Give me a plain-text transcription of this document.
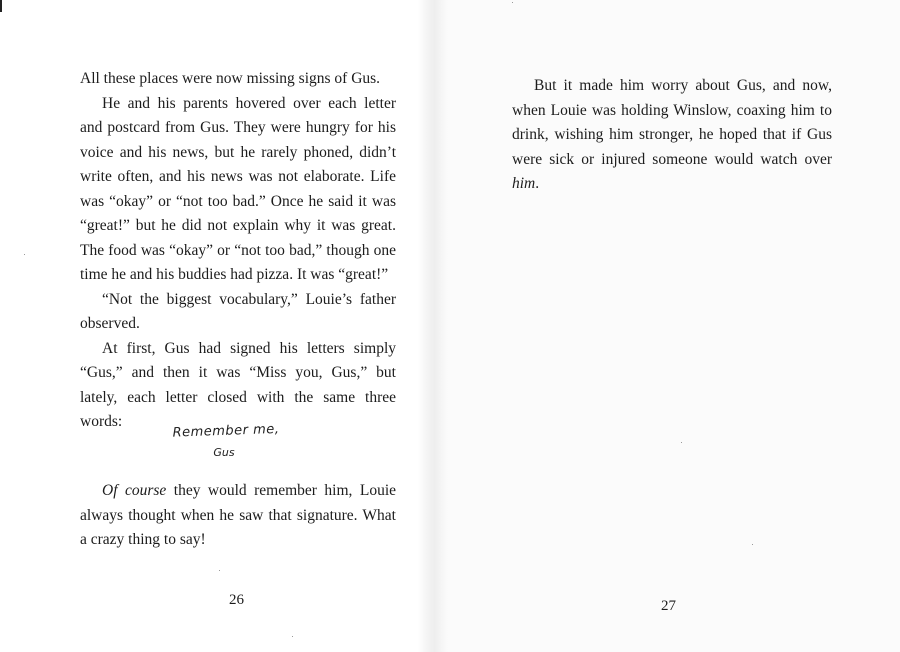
All these places were now missing signs of Gus.

He and his parents hovered over each letter and postcard from Gus. They were hungry for his voice and his news, but he rarely phoned, didn’t write often, and his news was not elaborate. Life was “okay” or “not too bad.” Once he said it was “great!” but he did not explain why it was great. The food was “okay” or “not too bad,” though one time he and his buddies had pizza. It was “great!”

“Not the biggest vocabulary,” Louie’s father observed.

At first, Gus had signed his letters simply “Gus,” and then it was “Miss you, Gus,” but lately, each letter closed with the same three words:

Remember me,
Gus

Of course they would remember him, Louie always thought when he saw that signature. What a crazy thing to say!

26

But it made him worry about Gus, and now, when Louie was holding Winslow, coaxing him to drink, wishing him stronger, he hoped that if Gus were sick or injured someone would watch over him.

27
